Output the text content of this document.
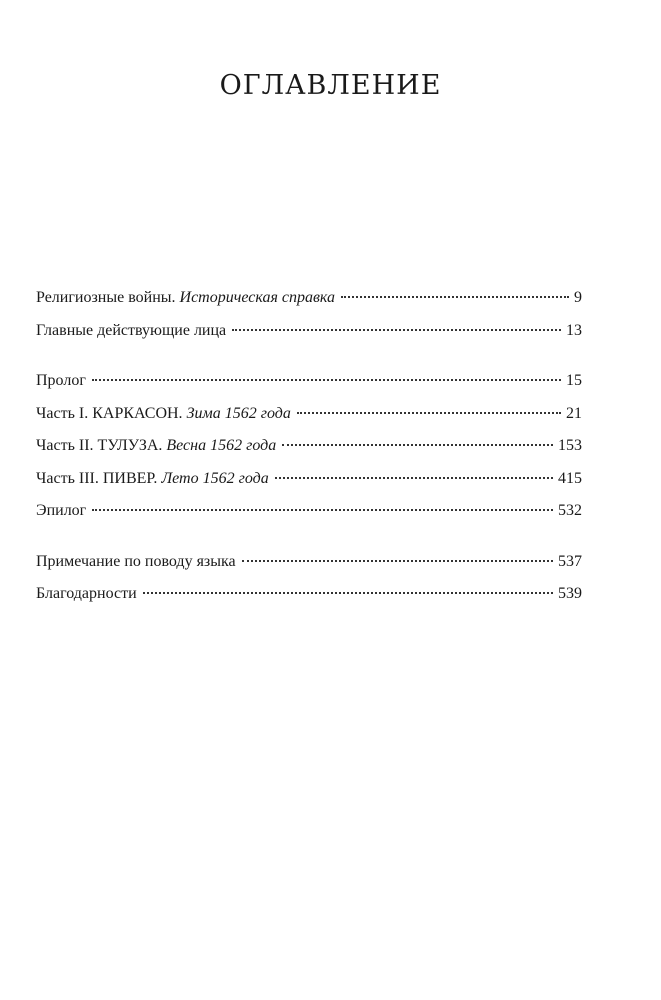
ОГЛАВЛЕНИЕ
Религиозные войны. Историческая справка	9
Главные действующие лица	13
Пролог	15
Часть I. КАРКАСОН. Зима 1562 года	21
Часть II. ТУЛУЗА. Весна 1562 года	153
Часть III. ПИВЕР. Лето 1562 года	415
Эпилог	532
Примечание по поводу языка	537
Благодарности	539
